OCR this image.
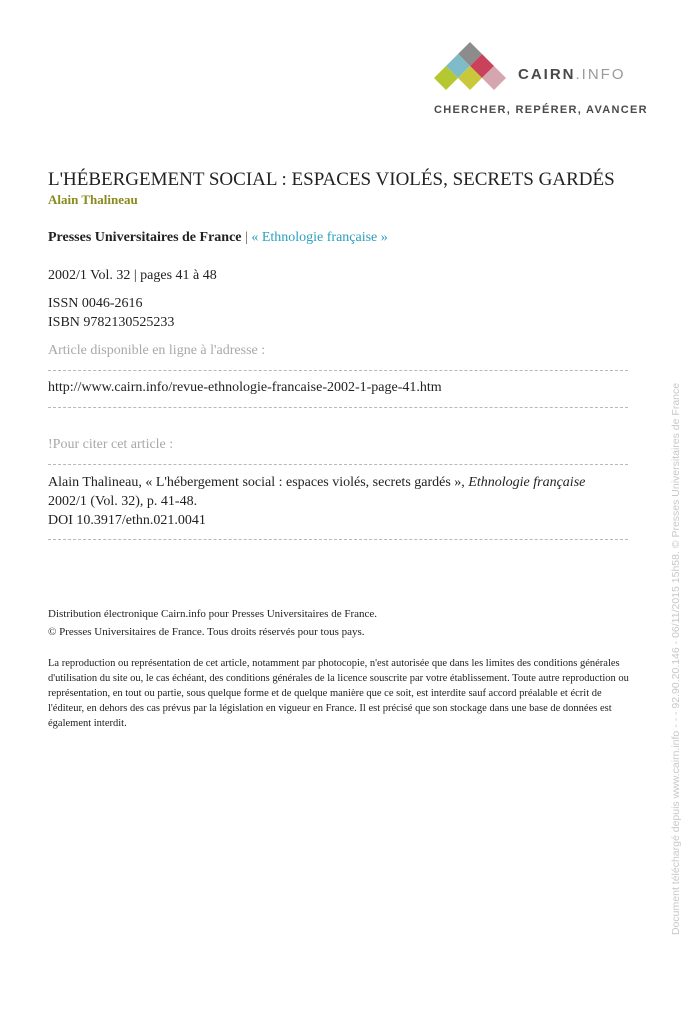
CAIRN.INFO
CHERCHER, REPÉRER, AVANCER
L'HÉBERGEMENT SOCIAL : ESPACES VIOLÉS, SECRETS GARDÉS
Alain Thalineau
Presses Universitaires de France | « Ethnologie française »
2002/1 Vol. 32 | pages 41 à 48
ISSN 0046-2616
ISBN 9782130525233
Article disponible en ligne à l'adresse :
http://www.cairn.info/revue-ethnologie-francaise-2002-1-page-41.htm
!Pour citer cet article :
Alain Thalineau, « L'hébergement social : espaces violés, secrets gardés », Ethnologie française
2002/1 (Vol. 32), p. 41-48.
DOI 10.3917/ethn.021.0041
Distribution électronique Cairn.info pour Presses Universitaires de France.
© Presses Universitaires de France. Tous droits réservés pour tous pays.
La reproduction ou représentation de cet article, notamment par photocopie, n'est autorisée que dans les limites des conditions générales d'utilisation du site ou, le cas échéant, des conditions générales de la licence souscrite par votre établissement. Toute autre reproduction ou représentation, en tout ou partie, sous quelque forme et de quelque manière que ce soit, est interdite sauf accord préalable et écrit de l'éditeur, en dehors des cas prévus par la législation en vigueur en France. Il est précisé que son stockage dans une base de données est également interdit.	Document téléchargé depuis www.cairn.info - - - 92.90.20.146 - 06/11/2015 15h58. © Presses Universitaires de France
